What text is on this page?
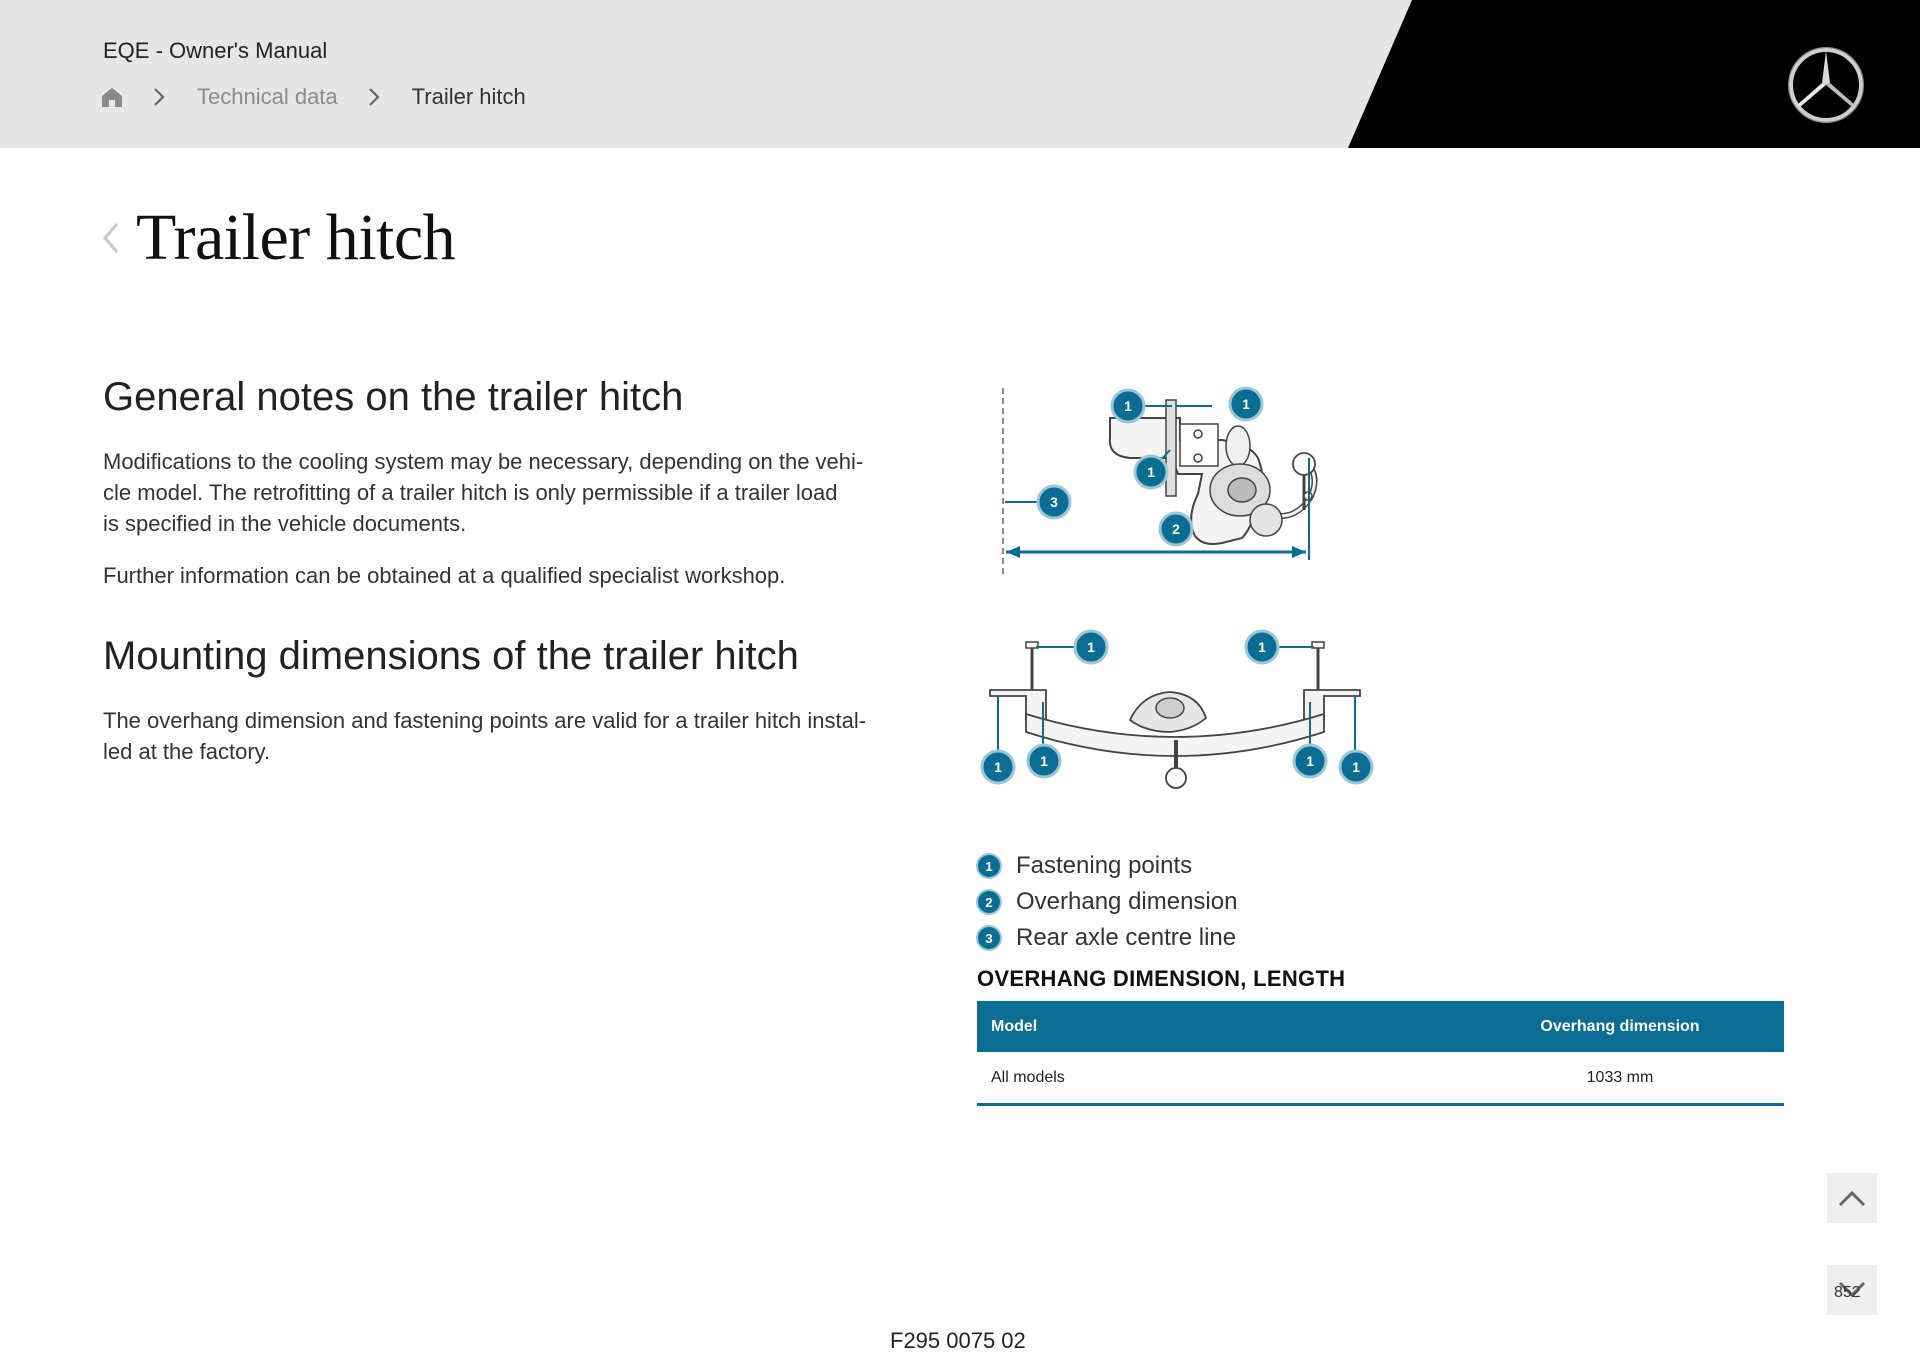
EQE - Owner's Manual
Technical data	Trailer hitch
Trailer hitch
General notes on the trailer hitch
Modifications to the cooling system may be necessary, depending on the vehi-
cle model. The retrofitting of a trailer hitch is only permissible if a trailer load
is specified in the vehicle documents.
Further information can be obtained at a qualified specialist workshop.
Mounting dimensions of the trailer hitch
The overhang dimension and fastening points are valid for a trailer hitch instal-
led at the factory.
1	1
1
3
2
1	1
1	1	1	1
1 Fastening points
2 Overhang dimension
3 Rear axle centre line
OVERHANG DIMENSION, LENGTH
Model	Overhang dimension
All models	1033 mm
852
F295 0075 02
